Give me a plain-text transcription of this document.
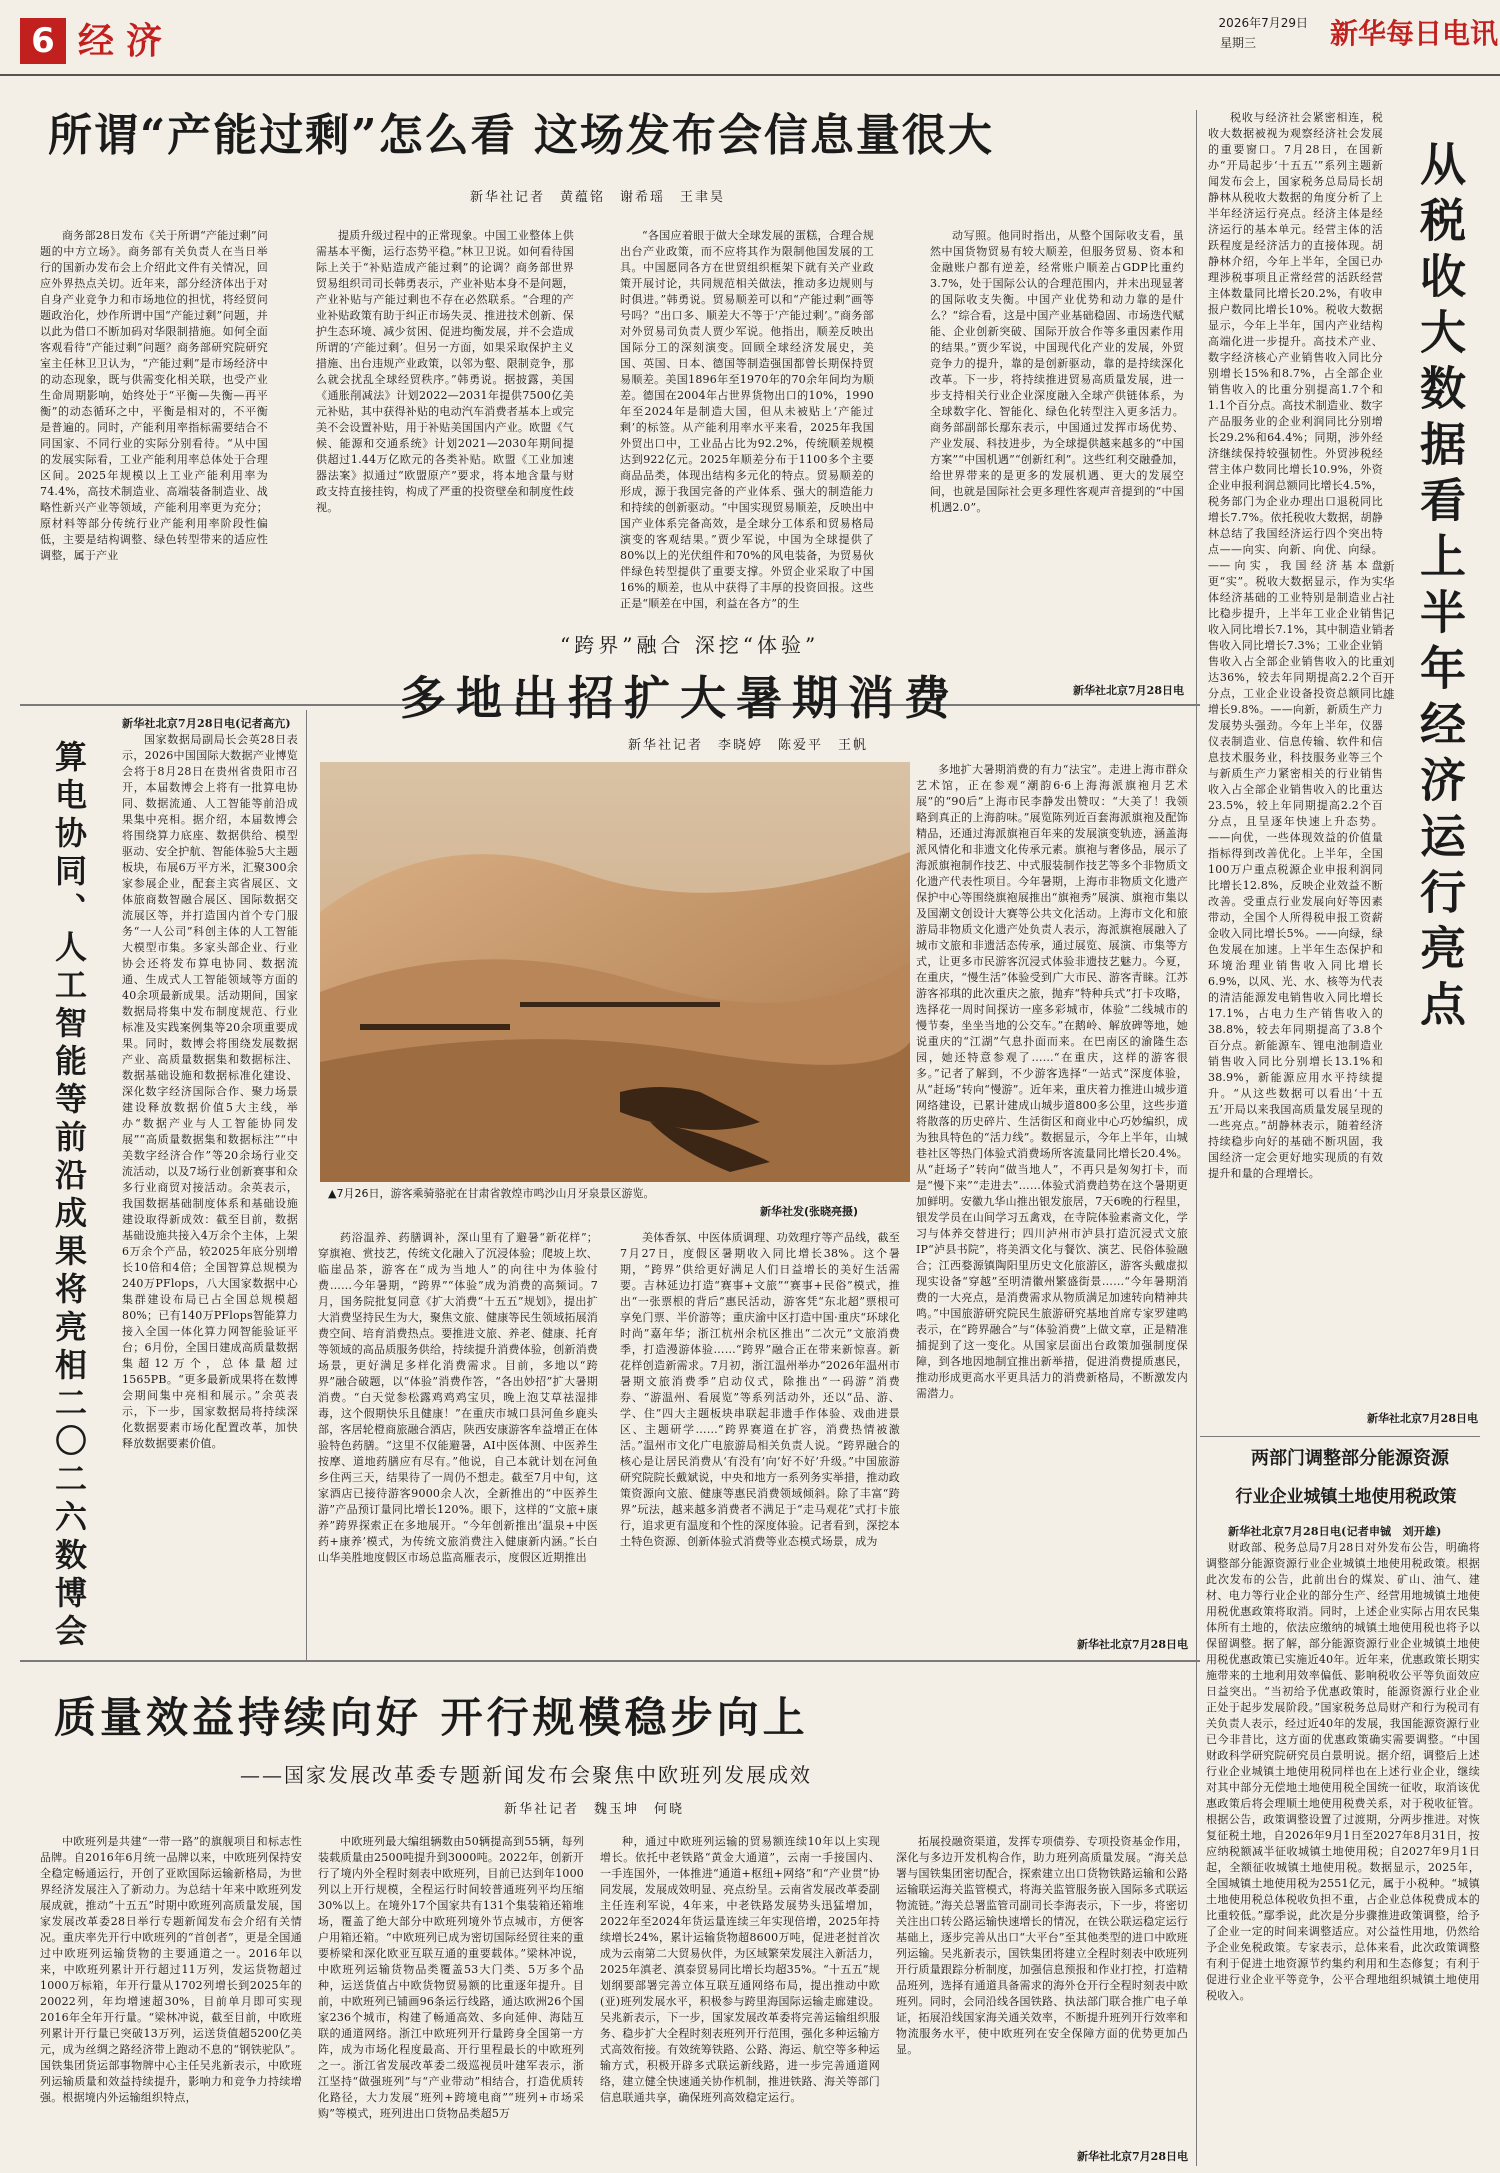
6 经济	2026年7月29日
星期三	新华每日电讯
所谓“产能过剩”怎么看 这场发布会信息量很大
新华社记者　黄蕴铭　谢希瑶　王聿昊

商务部28日发布《关于所谓“产能过剩”问题的中方立场》。商务部有关负责人在当日举行的国新办发布会上介绍此文件有关情况，回应外界热点关切。近年来，部分经济体出于对自身产业竞争力和市场地位的担忧，将经贸问题政治化，炒作所谓中国“产能过剩”问题，并以此为借口不断加码对华限制措施。如何全面客观看待“产能过剩”问题？商务部研究院研究室主任林卫卫认为，“产能过剩”是市场经济中的动态现象，既与供需变化相关联，也受产业生命周期影响，始终处于“平衡—失衡—再平衡”的动态循环之中，平衡是相对的，不平衡是普遍的。同时，产能利用率指标需要结合不同国家、不同行业的实际分别看待。“从中国的发展实际看，工业产能利用率总体处于合理区间。2025年规模以上工业产能利用率为74.4%，高技术制造业、高端装备制造业、战略性新兴产业等领域，产能利用率更为充分；原材料等部分传统行业产能利用率阶段性偏低，主要是结构调整、绿色转型带来的适应性调整，属于产业

提质升级过程中的正常现象。中国工业整体上供需基本平衡，运行态势平稳。”林卫卫说。如何看待国际上关于“补贴造成产能过剩”的论调？商务部世界贸易组织司司长韩勇表示，产业补贴本身不是问题，产业补贴与产能过剩也不存在必然联系。“合理的产业补贴政策有助于纠正市场失灵、推进技术创新、保护生态环境、减少贫困、促进均衡发展，并不会造成所谓的‘产能过剩’。但另一方面，如果采取保护主义措施、出台违规产业政策，以邻为壑、限制竞争，那么就会扰乱全球经贸秩序。”韩勇说。据披露，美国《通胀削减法》计划2022—2031年提供7500亿美元补贴，其中获得补贴的电动汽车消费者基本上或完美不会设置补贴，用于补贴美国国内产业。欧盟《气候、能源和交通系统》计划2021—2030年期间提供超过1.44万亿欧元的各类补贴。欧盟《工业加速器法案》拟通过“欧盟原产”要求，将本地含量与财政支持直接挂钩，构成了严重的投资壁垒和制度性歧视。

“各国应着眼于做大全球发展的蛋糕，合理合规出台产业政策，而不应将其作为限制他国发展的工具。中国愿同各方在世贸组织框架下就有关产业政策开展讨论，共同规范相关做法，推动多边规则与时俱进。”韩勇说。贸易顺差可以和“产能过剩”画等号吗？“出口多、顺差大不等于‘产能过剩’。”商务部对外贸易司负责人贾少军说。他指出，顺差反映出国际分工的深刻演变。回顾全球经济发展史，美国、英国、日本、德国等制造强国都曾长期保持贸易顺差。美国1896年至1970年的70余年间均为顺差。德国在2004年占世界货物出口的10%，1990年至2024年是制造大国，但从未被贴上‘产能过剩’的标签。从产能利用率水平来看，2025年我国外贸出口中，工业品占比为92.2%，传统顺差规模达到922亿元。2025年顺差分布于1100多个主要商品品类，体现出结构多元化的特点。贸易顺差的形成，源于我国完备的产业体系、强大的制造能力和持续的创新驱动。“中国实现贸易顺差，反映出中国产业体系完备高效，是全球分工体系和贸易格局演变的客观结果。”贾少军说，中国为全球提供了80%以上的光伏组件和70%的风电装备，为贸易伙伴绿色转型提供了重要支撑。外贸企业采取了中国16%的顺差，也从中获得了丰厚的投资回报。这些正是“顺差在中国，利益在各方”的生

动写照。他同时指出，从整个国际收支看，虽然中国货物贸易有较大顺差，但服务贸易、资本和金融账户都有逆差，经常账户顺差占GDP比重约3.7%，处于国际公认的合理范围内，并未出现显著的国际收支失衡。中国产业优势和动力靠的是什么？“综合看，这是中国产业基础稳固、市场迭代赋能、企业创新突破、国际开放合作等多重因素作用的结果。”贾少军说，中国现代化产业的发展，外贸竞争力的提升，靠的是创新驱动，靠的是持续深化改革。下一步，将持续推进贸易高质量发展，进一步支持相关行业企业深度融入全球产供链体系，为全球数字化、智能化、绿色化转型注入更多活力。商务部副部长鄢东表示，中国通过发挥市场优势、产业发展、科技进步，为全球提供越来越多的“中国方案”“中国机遇”“创新红利”。这些红利交融叠加，给世界带来的是更多的发展机遇、更大的发展空间，也就是国际社会更多理性客观声音提到的“中国机遇2.0”。

新华社北京7月28日电

税收与经济社会紧密相连，税收大数据被视为观察经济社会发展的重要窗口。7月28日，在国新办“开局起步‘十五五’”系列主题新闻发布会上，国家税务总局局长胡静林从税收大数据的角度分析了上半年经济运行亮点。经济主体是经济运行的基本单元。经营主体的活跃程度是经济活力的直接体现。胡静林介绍，今年上半年，全国已办理涉税事项且正常经营的活跃经营主体数量同比增长20.2%，有收申报户数同比增长10%。税收大数据显示，今年上半年，国内产业结构高端化进一步提升。高技术产业、数字经济核心产业销售收入同比分别增长15%和8.7%，占全部企业销售收入的比重分别提高1.7个和1.1个百分点。高技术制造业、数字产品服务业的企业利润同比分别增长29.2%和64.4%；同期，涉外经济继续保持较强韧性。外贸涉税经营主体户数同比增长10.9%，外资企业申报利润总额同比增长4.5%，税务部门为企业办理出口退税同比增长7.7%。依托税收大数据，胡静林总结了我国经济运行四个突出特点——向实、向新、向优、向绿。——向实，我国经济基本盘更“实”。税收大数据显示，作为实体经济基础的工业特别是制造业占比稳步提升，上半年工业企业销售收入同比增长7.1%，其中制造业销售收入同比增长7.3%；工业企业销售收入占全部企业销售收入的比重达36%，较去年同期提高2.2个百分点，工业企业设备投资总额同比增长9.8%。——向新，新质生产力发展势头强劲。今年上半年，仪器仪表制造业、信息传输、软件和信息技术服务业，科技服务业等三个与新质生产力紧密相关的行业销售收入占全部企业销售收入的比重达23.5%，较上年同期提高2.2个百分点，且呈逐年快速上升态势。——向优，一些体现效益的价值量指标得到改善优化。上半年，全国100万户重点税源企业申报利润同比增长12.8%，反映企业效益不断改善。受重点行业发展向好等因素带动，全国个人所得税申报工资薪金收入同比增长5%。——向绿，绿色发展在加速。上半年生态保护和环境治理业销售收入同比增长6.9%，以风、光、水、核等为代表的清洁能源发电销售收入同比增长17.1%，占电力生产销售收入的38.8%，较去年同期提高了3.8个百分点。新能源车、锂电池制造业销售收入同比分别增长13.1%和38.9%，新能源应用水平持续提升。“从这些数据可以看出‘十五五’开局以来我国高质量发展呈现的一些亮点。”胡静林表示，随着经济持续稳步向好的基础不断巩固，我国经济一定会更好地实现质的有效提升和量的合理增长。

新华社北京7月28日电
从税收大数据看上半年经济运行亮点
新华社记者　刘开雄
算电协同、人工智能等前沿成果将亮相二〇二六数博会

新华社北京7月28日电(记者高亢)

国家数据局副局长会英28日表示，2026中国国际大数据产业博览会将于8月28日在贵州省贵阳市召开，本届数博会上将有一批算电协同、数据流通、人工智能等前沿成果集中亮相。据介绍，本届数博会将围绕算力底座、数据供给、模型驱动、安全护航、智能体验5大主题板块，布展6万平方米，汇聚300余家参展企业，配套主宾省展区、文体旅商数智融合展区、国际数据交流展区等，并打造国内首个专门服务“一人公司”科创主体的人工智能大模型市集。多家头部企业、行业协会还将发布算电协同、数据流通、生成式人工智能领域等方面的40余项最新成果。活动期间，国家数据局将集中发布制度规范、行业标准及实践案例集等20余项重要成果。同时，数博会将围绕发展数据产业、高质量数据集和数据标注、数据基础设施和数据标准化建设、深化数字经济国际合作、聚力场景建设释放数据价值5大主线，举办“数据产业与人工智能协同发展”“高质量数据集和数据标注”“中美数字经济合作”等20余场行业交流活动，以及7场行业创新赛事和众多行业商贸对接活动。余英表示，我国数据基础制度体系和基础设施建设取得新成效：截至目前，数据基础设施共接入4万余个主体，上架6万余个产品，较2025年底分别增长10倍和4倍；全国智算总规模为240万PFlops，八大国家数据中心集群建设布局已占全国总规模超80%；已有140万PFlops智能算力接入全国一体化算力网智能验证平台；6月份，全国日建成高质量数据集超12万个，总体量超过1565PB。“更多最新成果将在数博会期间集中亮相和展示。”余英表示，下一步，国家数据局将持续深化数据要素市场化配置改革，加快释放数据要素价值。

“跨界”融合 深挖“体验”
多地出招扩大暑期消费
新华社记者　李晓婷　陈爱平　王帆
▲7月26日，游客乘骑骆驼在甘肃省敦煌市鸣沙山月牙泉景区游览。
新华社发(张晓亮摄)

药浴温养、药膳调补，深山里有了避暑“新花样”；穿旗袍、赏技艺，传统文化融入了沉浸体验；爬坡上坎、临崖品茶，游客在“成为当地人”的向往中为体验付费……今年暑期，“跨界”“体验”成为消费的高频词。7月，国务院批复同意《扩大消费“十五五”规划》，提出扩大消费坚持民生为大，聚焦文旅、健康等民生领域拓展消费空间、培育消费热点。要推进文旅、养老、健康、托育等领域的高品质服务供给，持续提升消费体验，创新消费场景，更好满足多样化消费需求。目前，多地以“跨界”融合破题，以“体验”消费作答，“各出妙招”扩大暑期消费。“白天觉参松露鸡鸡鸡宝贝，晚上泡艾草祛湿排毒，这个假期快乐且健康！”在重庆市城口县河鱼乡鹿头部，客居轮橙商旅融合酒店，陕西安康游客牟益增正在体验特色药膳。“这里不仅能避暑，AI中医体测、中医养生按摩、道地药膳应有尽有。”他说，自己本就计划在河鱼乡住两三天，结果待了一周仍不想走。截至7月中旬，这家酒店已接待游客9000余人次，全新推出的“中医养生游”产品预订量同比增长120%。眼下，这样的“文旅+康养”跨界探索正在多地展开。“今年创新推出‘温泉+中医药+康养’模式，为传统文旅消费注入健康新内涵。”长白山华美胜地度假区市场总监高雁表示，度假区近期推出

美体香氛、中医体质调理、功效理疗等产品线，截至7月27日，度假区暑期收入同比增长38%。这个暑期，“跨界”供给更好满足人们日益增长的美好生活需要。吉林延边打造“赛事+文旅”“赛事+民俗”模式，推出“一张票根的背后”惠民活动，游客凭“东北超”票根可享免门票、半价游等；重庆渝中区打造中国·重庆“环球化时尚”嘉年华；浙江杭州余杭区推出“二次元”文旅消费季，打造漫游体验……“跨界”融合正在带来新惊喜。新花样创造新需求。7月初，浙江温州举办“2026年温州市暑期文旅消费季”启动仪式，除推出“一码游”消费券、“游温州、看展览”等系列活动外，还以“品、游、学、住”四大主题板块串联起非遗手作体验、戏曲进景区、主题研学……“跨界赛道在扩容，消费热情被激活。”温州市文化广电旅游局相关负责人说。“跨界融合的核心是让居民消费从‘有没有’向‘好不好’升级。”中国旅游研究院院长戴斌说，中央和地方一系列务实举措，推动政策资源向文旅、健康等惠民消费领域倾斜。除了丰富“跨界”玩法，越来越多消费者不满足于“走马观花”式打卡旅行，追求更有温度和个性的深度体验。记者看到，深挖本土特色资源、创新体验式消费等业态模式场景，成为

多地扩大暑期消费的有力“法宝”。走进上海市群众艺术馆，正在参观“潮韵6·6上海海派旗袍月艺术展”的“90后”上海市民李静发出赞叹：“大美了！我领略到真正的上海韵味。”展览陈列近百套海派旗袍及配饰精品，还通过海派旗袍百年来的发展演变轨迹，涵盖海派风情化和非遗文化传承元素。旗袍与奢侈品，展示了海派旗袍制作技艺、中式服装制作技艺等多个非物质文化遗产代表性项目。今年暑期，上海市非物质文化遗产保护中心等围绕旗袍展推出“旗袍秀”展演、旗袍市集以及国潮文创设计大赛等公共文化活动。上海市文化和旅游局非物质文化遗产处负责人表示，海派旗袍展融入了城市文旅和非遗活态传承，通过展览、展演、市集等方式，让更多市民游客沉浸式体验非遗技艺魅力。今夏，在重庆，“慢生活”体验受到广大市民、游客青睐。江苏游客祁琪的此次重庆之旅，抛弃“特种兵式”打卡攻略，选择花一周时间探访一座多彩城市，体验“二线城市的慢节奏，坐坐当地的公交车。”在鹅岭、解放碑等地，她说重庆的“江湖”气息扑面而来。在巴南区的渝隆生态园，她还特意参观了……“在重庆，这样的游客很多。”记者了解到，不少游客选择“一站式”深度体验，从“赶场”转向“慢游”。近年来，重庆着力推进山城步道网络建设，已累计建成山城步道800多公里，这些步道将散落的历史碎片、生活街区和商业中心巧妙编织，成为独具特色的“活力线”。数据显示，今年上半年，山城巷社区等热门体验式消费场所客流量同比增长20.4%。从“赶场子”转向“做当地人”，不再只是匆匆打卡，而是“慢下来”“走进去”……体验式消费趋势在这个暑期更加鲜明。安徽九华山推出银发旅居，7天6晚的行程里，银发学员在山间学习五禽戏，在寺院体验素斋文化，学习与体养交替进行；四川泸州市泸县打造沉浸式文旅IP“泸县书院”，将美酒文化与餐饮、演艺、民俗体验融合；江西婺源镇陶阳里历史文化旅游区，游客头戴虚拟现实设备“穿越”至明清徽州繁盛街景……“今年暑期消费的一大亮点，是消费需求从物质满足加速转向精神共鸣。”中国旅游研究院民生旅游研究基地首席专家罗建鸣表示，在“跨界融合”与“体验消费”上做文章，正是精准捕捉到了这一变化。从国家层面出台政策加强制度保障，到各地因地制宜推出新举措，促进消费提质惠民，推动形成更高水平更具活力的消费新格局，不断激发内需潜力。

新华社北京7月28日电
两部门调整部分能源资源
行业企业城镇土地使用税政策

新华社北京7月28日电(记者申铖　刘开雄)

财政部、税务总局7月28日对外发布公告，明确将调整部分能源资源行业企业城镇土地使用税政策。根据此次发布的公告，此前出台的煤炭、矿山、油气、建材、电力等行业企业的部分生产、经营用地城镇土地使用税优惠政策将取消。同时，上述企业实际占用农民集体所有土地的，依法应缴纳的城镇土地使用税也将予以保留调整。据了解，部分能源资源行业企业城镇土地使用税优惠政策已实施近40年。近年来，优惠政策长期实施带来的土地利用效率偏低、影响税收公平等负面效应日益突出。“当初给予优惠政策时，能源资源行业企业正处于起步发展阶段。”国家税务总局财产和行为税司有关负责人表示，经过近40年的发展，我国能源资源行业已今非昔比，这方面的优惠政策确实需要调整。“中国财政科学研究院研究员白景明说。据介绍，调整后上述行业企业城镇土地使用税同样也在上述行业企业，继续对其中部分无偿地土地使用税全国统一征收，取消该优惠政策后将会理顺土地使用税费关系，对于税收征管。根据公告，政策调整设置了过渡期，分两步推进。对恢复征税土地，自2026年9月1日至2027年8月31日，按应纳税额减半征收城镇土地使用税；自2027年9月1日起，全额征收城镇土地使用税。数据显示，2025年，全国城镇土地使用税为2551亿元，属于小税种。“城镇土地使用税总体税收负担不重，占企业总体税费成本的比重较低。”鄢季说，此次是分步骤推进政策调整，给予了企业一定的时间来调整适应。对公益性用地，仍然给予企业免税政策。专家表示，总体来看，此次政策调整有利于促进土地资源节约集约利用和生态修复；有利于促进行业企业平等竞争，公平合理地组织城镇土地使用税收入。

质量效益持续向好 开行规模稳步向上
——国家发展改革委专题新闻发布会聚焦中欧班列发展成效
新华社记者　魏玉坤　何晓

中欧班列是共建“一带一路”的旗舰项目和标志性品牌。自2016年6月统一品牌以来，中欧班列保持安全稳定畅通运行，开创了亚欧国际运输新格局，为世界经济发展注入了新动力。为总结十年来中欧班列发展成就，推动“十五五”时期中欧班列高质量发展，国家发展改革委28日举行专题新闻发布会介绍有关情况。重庆率先开行中欧班列的“首创者”，更是全国通过中欧班列运输货物的主要通道之一。2016年以来，中欧班列累计开行超过11万列，发运货物超过1000万标箱，年开行量从1702列增长到2025年的20022列，年均增速超30%，目前单月即可实现2016年全年开行量。“梁林冲说，截至目前，中欧班列累计开行量已突破13万列，运送货值超5200亿美元，成为丝绸之路经济带上跑动不息的“钢铁驼队”。国铁集团货运部事物牌中心主任吴兆新表示，中欧班列运输质量和效益持续提升，影响力和竞争力持续增强。根据境内外运输组织特点，

中欧班列最大编组辆数由50辆提高到55辆，每列装载质量由2500吨提升到3000吨。2022年，创新开行了境内外全程时刻表中欧班列，目前已达到年1000列以上开行规模，全程运行时间较普通班列平均压缩30%以上。在境外17个国家共有131个集装箱还箱堆场，覆盖了绝大部分中欧班列境外节点城市，方便客户用箱还箱。“中欧班列已成为密切国际经贸往来的重要桥梁和深化欧亚互联互通的重要载体。”梁林冲说，中欧班列运输货物品类覆盖53大门类、5万多个品种，运送货值占中欧货物贸易额的比重逐年提升。目前，中欧班列已铺画96条运行线路，通达欧洲26个国家236个城市，构建了畅通高效、多向延伸、海陆互联的通道网络。浙江中欧班列开行量跨身全国第一方阵，成为市场化程度最高、开行里程最长的中欧班列之一。浙江省发展改革委二级巡视员叶建军表示，浙江坚持“做强班列”与“产业带动”相结合，打造优质转化路径，大力发展“班列+跨境电商”“班列+市场采购”等模式，班列进出口货物品类超5万

种，通过中欧班列运输的贸易额连续10年以上实现增长。依托中老铁路“黄金大通道”，云南一手接国内、一手连国外，一体推进“通道+枢纽+网络”和“产业贯”协同发展，发展成效明显、亮点纷呈。云南省发展改革委副主任连利军说，4年来，中老铁路发展势头迅猛增加，2022年至2024年货运量连续三年实现倍增，2025年持续增长24%，累计运输货物超8600万吨，促进老挝首次成为云南第二大贸易伙伴，为区域繁荣发展注入新活力，2025年滇老、滇泰贸易同比增长均超35%。“十五五”规划纲要部署完善立体互联互通网络布局，提出推动中欧(亚)班列发展水平，积极参与跨里海国际运输走廊建设。吴兆新表示，下一步，国家发展改革委将完善运输组织服务、稳步扩大全程时刻表班列开行范围，强化多种运输方式高效衔接。有效统筹铁路、公路、海运、航空等多种运输方式，积极开辟多式联运新线路，进一步完善通道网络，建立健全快速通关协作机制，推进铁路、海关等部门信息联通共享，确保班列高效稳定运行。

拓展投融资渠道，发挥专项债券、专项投资基金作用，深化与多边开发机构合作，助力班列高质量发展。“海关总署与国铁集团密切配合，探索建立出口货物铁路运输和公路运输联运海关监管模式，将海关监管服务嵌入国际多式联运物流链。”海关总署监管司副司长李海表示，下一步，将密切关注出口转公路运输快速增长的情况，在铁公联运稳定运行基础上，逐步完善从出口“大平台”至其他类型的进口中欧班列运输。吴兆新表示，国铁集团将建立全程时刻表中欧班列开行质量跟踪分析制度，加强信息预报和作业打控，打造精品班列，选择有通道具备需求的海外仓开行全程时刻表中欧班列。同时，会同沿线各国铁路、执法部门联合推广电子单证，拓展沿线国家海关通关效率，不断提升班列开行效率和物流服务水平，使中欧班列在安全保障方面的优势更加凸显。

新华社北京7月28日电
